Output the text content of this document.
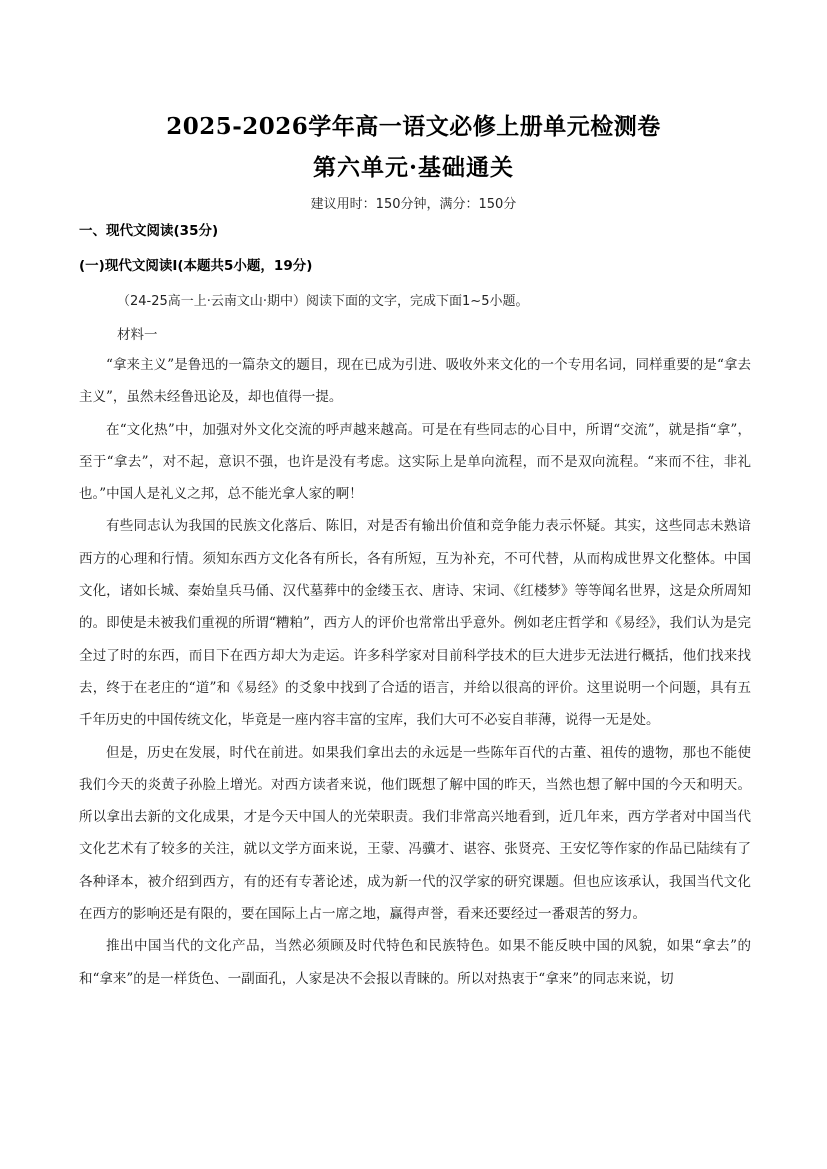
2025-2026学年高一语文必修上册单元检测卷
第六单元·基础通关
建议用时：150分钟，满分：150分
一、现代文阅读(35分)
(一)现代文阅读Ⅰ(本题共5小题，19分)
（24-25高一上·云南文山·期中）阅读下面的文字，完成下面1~5小题。
材料一

“拿来主义”是鲁迅的一篇杂文的题目，现在已成为引进、吸收外来文化的一个专用名词，同样重要的是“拿去主义”，虽然未经鲁迅论及，却也值得一提。

在“文化热”中，加强对外文化交流的呼声越来越高。可是在有些同志的心目中，所谓“交流”，就是指“拿”，至于“拿去”，对不起，意识不强，也许是没有考虑。这实际上是单向流程，而不是双向流程。“来而不往，非礼也。”中国人是礼义之邦，总不能光拿人家的啊！

有些同志认为我国的民族文化落后、陈旧，对是否有输出价值和竞争能力表示怀疑。其实，这些同志未熟谙西方的心理和行情。须知东西方文化各有所长，各有所短，互为补充，不可代替，从而构成世界文化整体。中国文化，诸如长城、秦始皇兵马俑、汉代墓葬中的金缕玉衣、唐诗、宋词、《红楼梦》等等闻名世界，这是众所周知的。即使是未被我们重视的所谓“糟粕”，西方人的评价也常常出乎意外。例如老庄哲学和《易经》，我们认为是完全过了时的东西，而目下在西方却大为走运。许多科学家对目前科学技术的巨大进步无法进行概括，他们找来找去，终于在老庄的“道”和《易经》的爻象中找到了合适的语言，并给以很高的评价。这里说明一个问题，具有五千年历史的中国传统文化，毕竟是一座内容丰富的宝库，我们大可不必妄自菲薄，说得一无是处。

但是，历史在发展，时代在前进。如果我们拿出去的永远是一些陈年百代的古董、祖传的遗物，那也不能使我们今天的炎黄子孙脸上增光。对西方读者来说，他们既想了解中国的昨天，当然也想了解中国的今天和明天。所以拿出去新的文化成果，才是今天中国人的光荣职责。我们非常高兴地看到，近几年来，西方学者对中国当代文化艺术有了较多的关注，就以文学方面来说，王蒙、冯骥才、谌容、张贤亮、王安忆等作家的作品已陆续有了各种译本，被介绍到西方，有的还有专著论述，成为新一代的汉学家的研究课题。但也应该承认，我国当代文化在西方的影响还是有限的，要在国际上占一席之地，赢得声誉，看来还要经过一番艰苦的努力。

推出中国当代的文化产品，当然必须顾及时代特色和民族特色。如果不能反映中国的风貌，如果“拿去”的和“拿来”的是一样货色、一副面孔，人家是决不会报以青睐的。所以对热衷于“拿来”的同志来说，切
